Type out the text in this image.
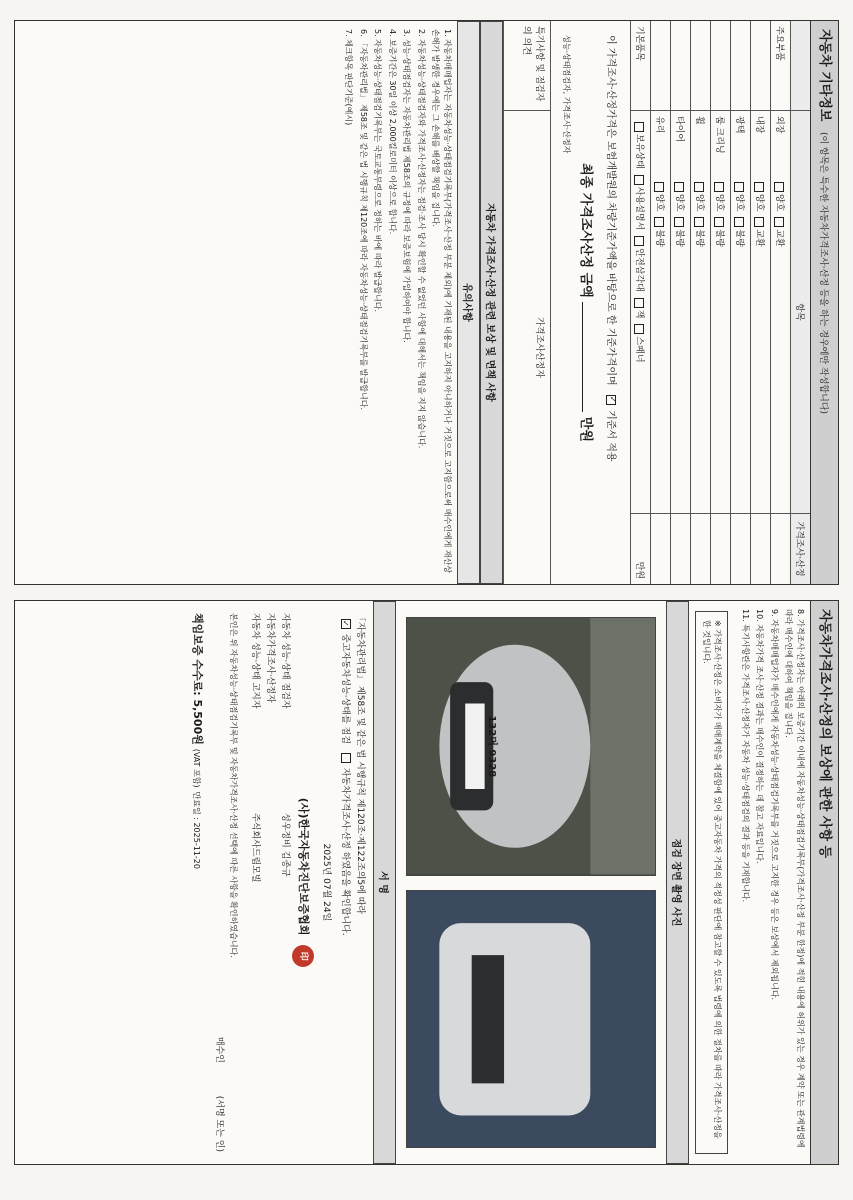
자동차 기타정보 (이 항목은 특수한 자동차가격조사·산정 등을 하는 경우에만 작성합니다)
항목
가격조사·산정
주요부품
외장양호교환
내장양호교환
광택양호불량
룸 크리닝양호불량
휠양호불량
타이어양호불량
유리양호불량
기본품목
보유상태사용설명서안전삼각대잭스패너
만원
이 가격조사·산정가격은 보험개발원의 차량기준가액을 바탕으로 한 기준가격이며 ✓ 기준서 적용
최종 가격조사산정 금액  만원
성능·상태점검자, 가격조사·산정자
특기사항 및 점검자의 의견
가격조사산정자
자동차 가격조사·산정 관련 보상 및 면책 사항
유의사항

1. 자동차매매업자는 자동차성능·상태점검기록부(가격조사·산정 부분 제외)에 기재된 내용을 고지하지 아니하거나 거짓으로 고지함으로써 매수인에게 재산상 손해가 발생한 경우에는 그 손해를 배상할 책임을 집니다.

2. 자동차성능·상태점검자와 가격조사·산정자는 점검·조사 당시 확인할 수 없었던 사항에 대해서는 책임을 지지 않습니다.

3. 성능·상태점검자는 자동차관리법 제58조의 규정에 따라 보증보험에 가입하여야 합니다.

4. 보증기간은 30일 이상 2,000킬로미터 이상으로 합니다.

5. 자동차성능·상태점검기록부는 국토교통부령으로 정하는 바에 따라 발급합니다.

6. 「자동차관리법」 제58조 및 같은 법 시행규칙 제120조에 따라 자동차성능·상태점검기록부를 발급합니다.

7. 체크항목 판단기준(예시)

자동차가격조사·산정의 보상에 관한 사항 등

8. 가격조사·산정자는 아래의 보증기간 이내에 자동차성능·상태점검기록부(가격조사·산정 부분 한정)에 적힌 내용에 허위가 있는 경우 계약 또는 관계법령에 따라 매수인에 대하여 책임을 집니다.

9. 자동차매매업자가 매수인에게 자동차성능·상태점검기록부를 거짓으로 고지한 경우 등은 보상에서 제외됩니다.

10. 자동차가격 조사·산정 결과는 매수인이 결정하는 데 참고 자료입니다.

11. 특기사항란은 가격조사·산정자가 자동차 성능·상태점검의 결과 등을 기재합니다.

※ 가격조사·산정은 소비자가 매매계약을 체결함에 있어 중고자동차 가격의 적정성 판단에 참고할 수 있도록 법령에 의한 절차를 따라 가격조사·산정을 한 것입니다.
점검 장면 촬영 사진
132머 9328
서 명
「자동차관리법」 제58조 및 같은 법 시행규칙 제120조·제122조의5에 따라
✓ 중고자동차성능·상태를 점검  자동차가격조사·산정 하였음을 확인합니다.
2025년 07월 24일
(사)한국자동차진단보증협회 印
자동차 성능·상태 점검자성우정비 김종규
자동차가격조사·산정자
자동차 성능·상태 고지자주식회사드림모빌
본인은 위 자동차성능·상태점검기록부 및 자동차가격조사·산정 선택에 따른 사항을 확인하였습니다.
매수인 (서명 또는 인)
책임보증 수수료: 5,500원 (VAT 포함) 만료일 : 2025-11-20
